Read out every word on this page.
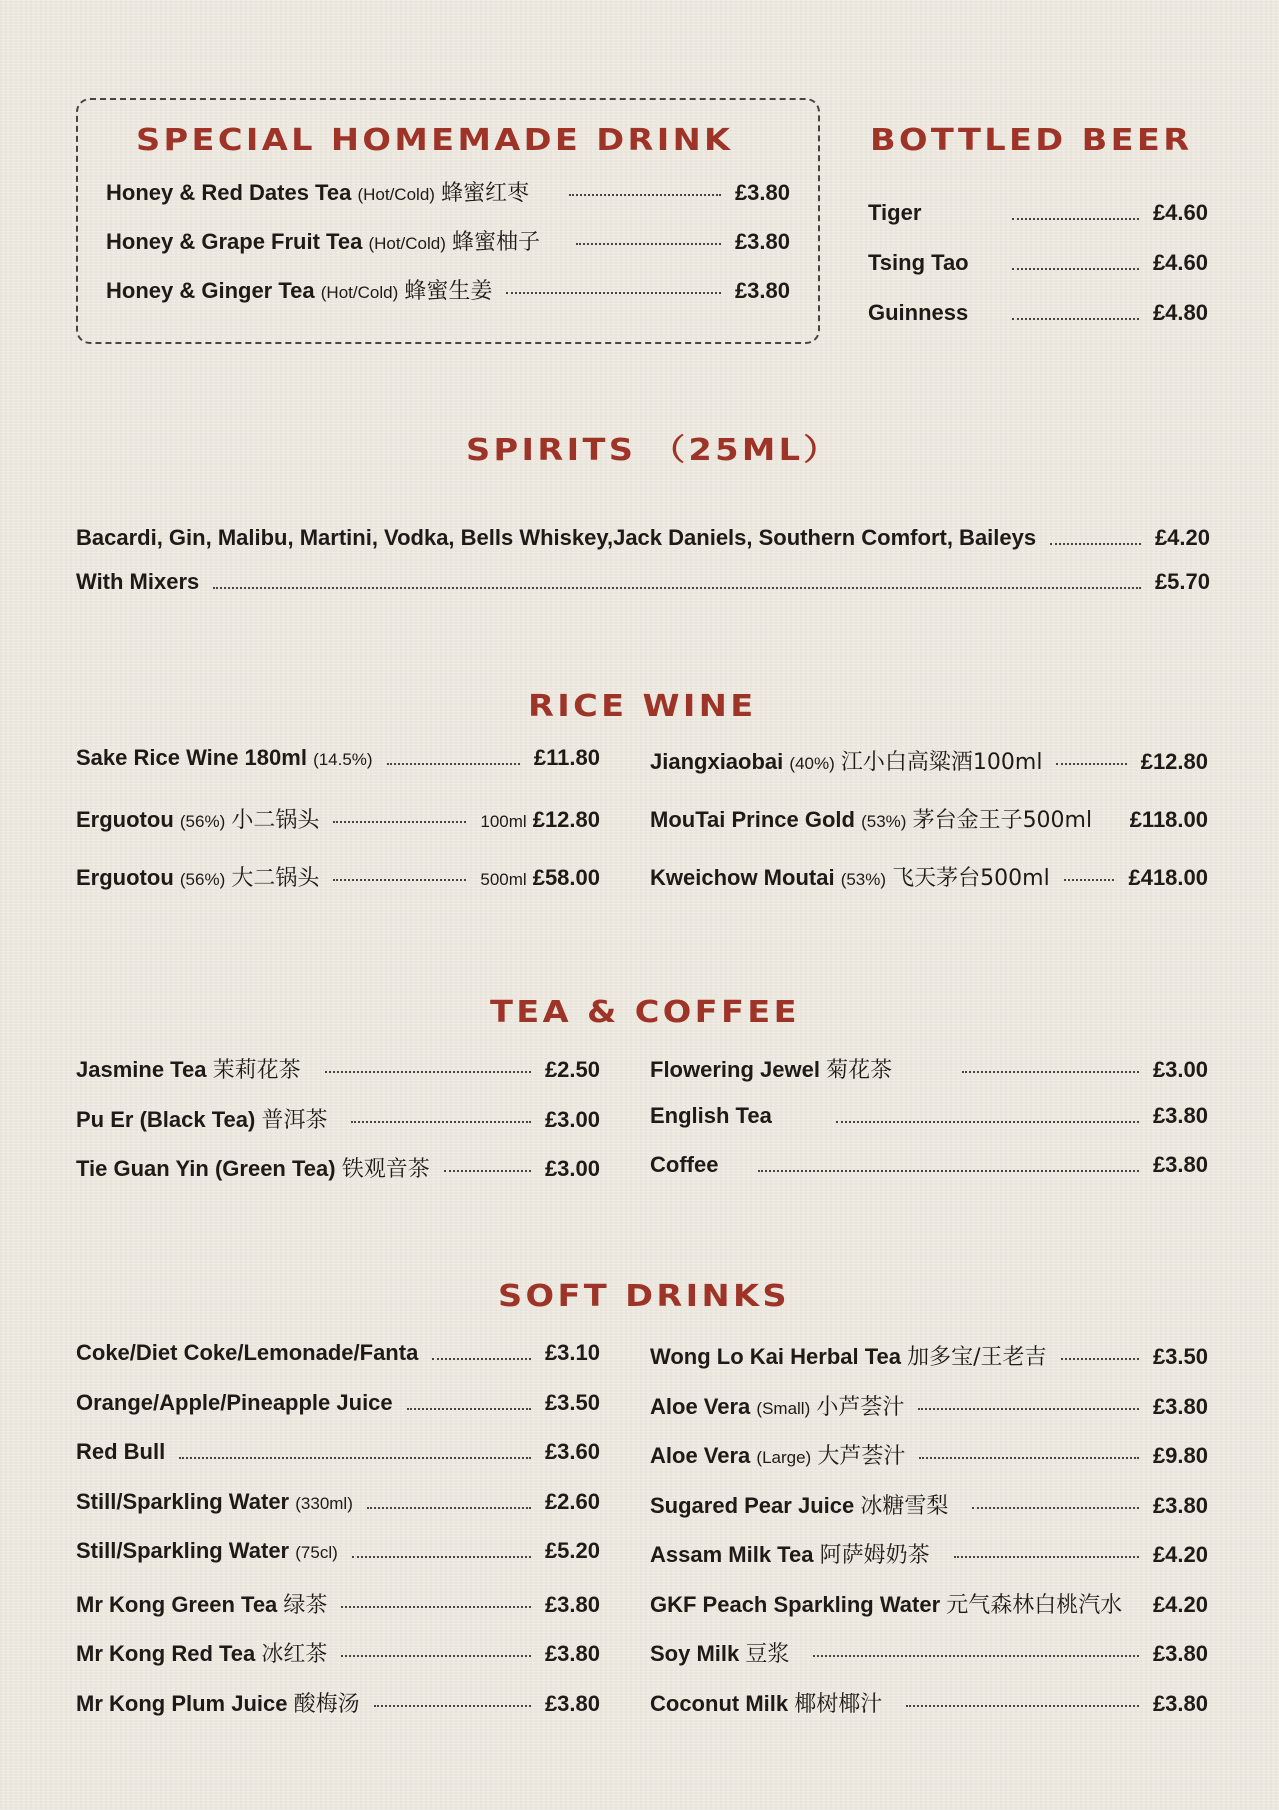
SPECIAL HOMEMADE DRINK
Honey & Red Dates Tea (Hot/Cold) 蜂蜜红枣	£3.80
Honey & Grape Fruit Tea (Hot/Cold) 蜂蜜柚子	£3.80
Honey & Ginger Tea (Hot/Cold) 蜂蜜生姜	£3.80
BOTTLED BEER
Tiger	£4.60
Tsing Tao	£4.60
Guinness	£4.80
SPIRITS （25ML）
Bacardi, Gin, Malibu, Martini, Vodka, Bells Whiskey,Jack Daniels, Southern Comfort, Baileys	£4.20
With Mixers	£5.70
RICE WINE
Sake Rice Wine 180ml (14.5%)	£11.80
Erguotou (56%) 小二锅头	100ml £12.80
Erguotou (56%) 大二锅头	500ml £58.00
Jiangxiaobai (40%) 江小白高粱酒100ml	£12.80
MouTai Prince Gold (53%) 茅台金王子500ml £118.00
Kweichow Moutai (53%) 飞天茅台500ml	£418.00
TEA & COFFEE
Jasmine Tea 茉莉花茶	£2.50
Pu Er (Black Tea) 普洱茶	£3.00
Tie Guan Yin (Green Tea) 铁观音茶	£3.00
Flowering Jewel 菊花茶	£3.00
English Tea	£3.80
Coffee	£3.80
SOFT DRINKS
Coke/Diet Coke/Lemonade/Fanta	£3.10
Orange/Apple/Pineapple Juice	£3.50
Red Bull	£3.60
Still/Sparkling Water (330ml)	£2.60
Still/Sparkling Water (75cl)	£5.20
Mr Kong Green Tea 绿茶	£3.80
Mr Kong Red Tea 冰红茶	£3.80
Mr Kong Plum Juice 酸梅汤	£3.80
Wong Lo Kai Herbal Tea 加多宝/王老吉	£3.50
Aloe Vera (Small) 小芦荟汁	£3.80
Aloe Vera (Large) 大芦荟汁	£9.80
Sugared Pear Juice 冰糖雪梨	£3.80
Assam Milk Tea 阿萨姆奶茶	£4.20
GKF Peach Sparkling Water 元气森林白桃汽水 £4.20
Soy Milk 豆浆	£3.80
Coconut Milk 椰树椰汁	£3.80
